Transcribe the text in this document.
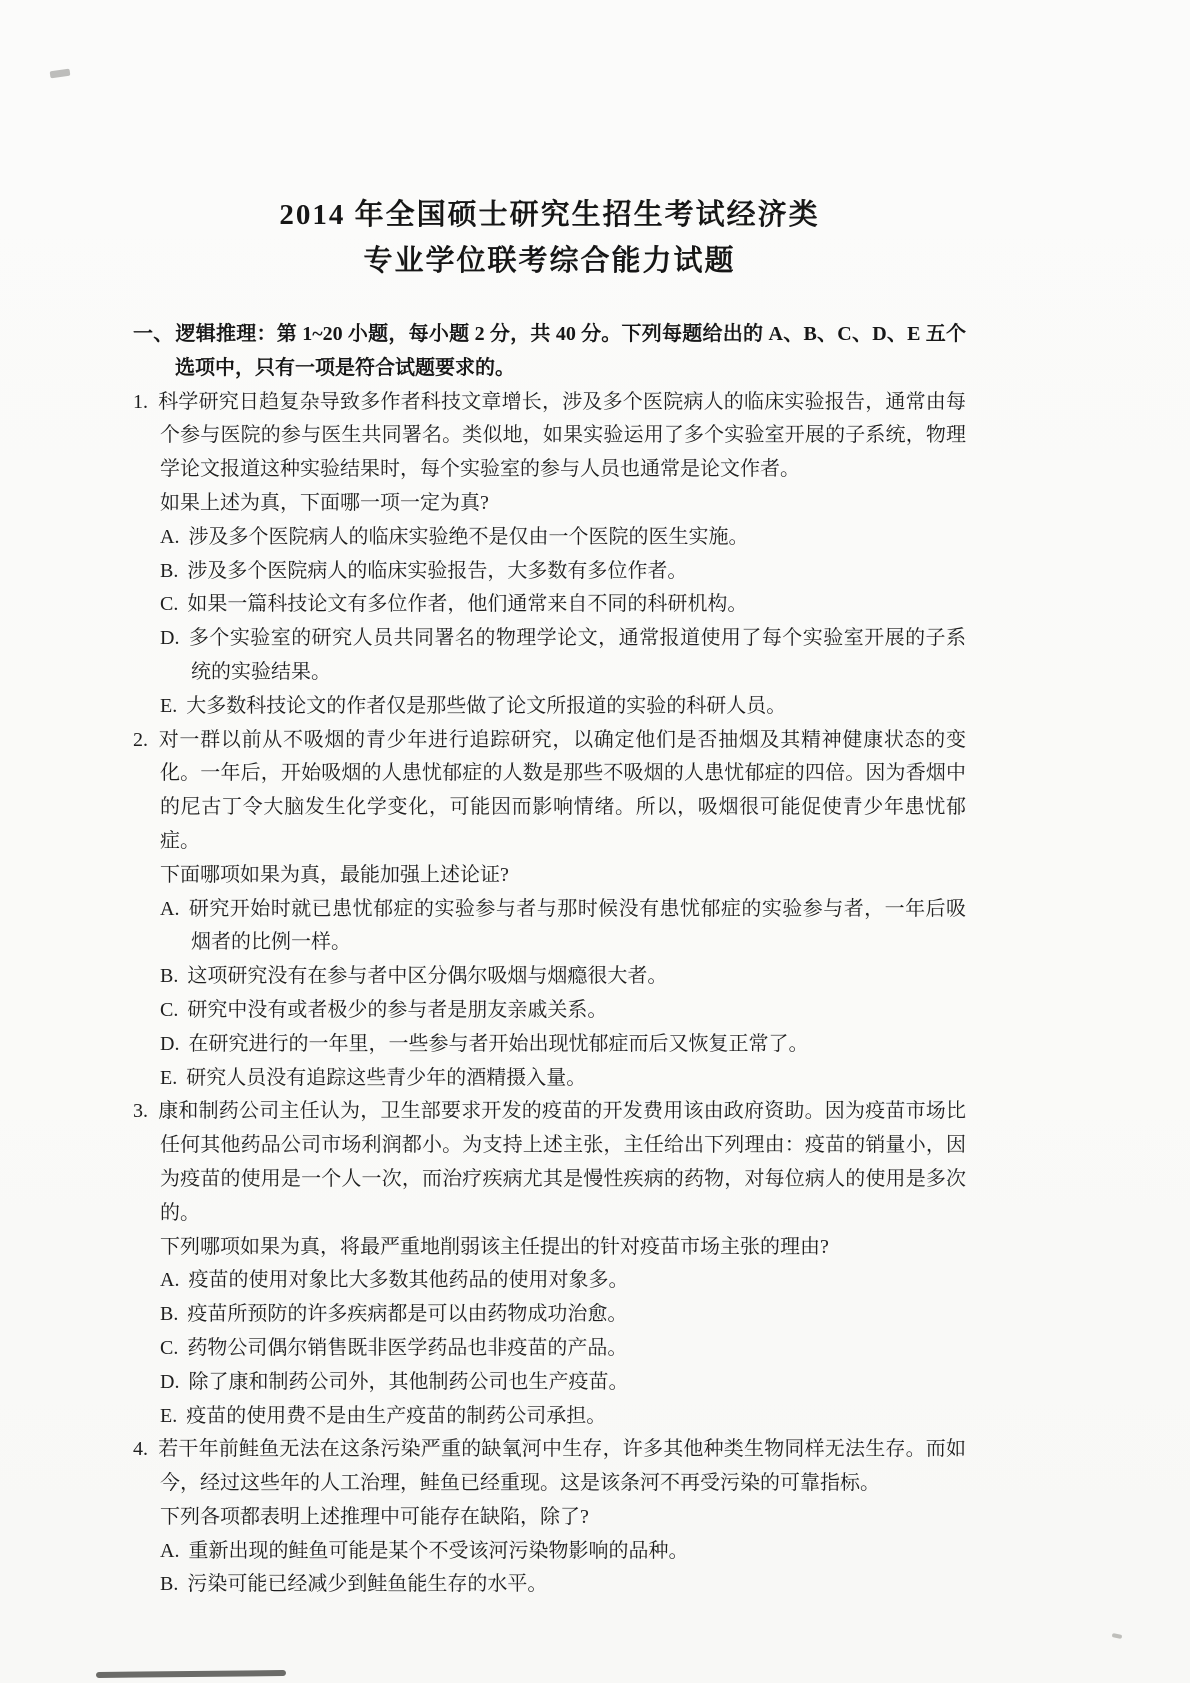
2014 年全国硕士研究生招生考试经济类
专业学位联考综合能力试题
一、 逻辑推理：第 1~20 小题，每小题 2 分，共 40 分。下列每题给出的 A、B、C、D、E 五个选项中，只有一项是符合试题要求的。
1. 科学研究日趋复杂导致多作者科技文章增长，涉及多个医院病人的临床实验报告，通常由每个参与医院的参与医生共同署名。类似地，如果实验运用了多个实验室开展的子系统，物理学论文报道这种实验结果时，每个实验室的参与人员也通常是论文作者。
如果上述为真，下面哪一项一定为真?
A. 涉及多个医院病人的临床实验绝不是仅由一个医院的医生实施。
B. 涉及多个医院病人的临床实验报告，大多数有多位作者。
C. 如果一篇科技论文有多位作者，他们通常来自不同的科研机构。
D. 多个实验室的研究人员共同署名的物理学论文，通常报道使用了每个实验室开展的子系统的实验结果。
E. 大多数科技论文的作者仅是那些做了论文所报道的实验的科研人员。
2. 对一群以前从不吸烟的青少年进行追踪研究，以确定他们是否抽烟及其精神健康状态的变化。一年后，开始吸烟的人患忧郁症的人数是那些不吸烟的人患忧郁症的四倍。因为香烟中的尼古丁令大脑发生化学变化，可能因而影响情绪。所以，吸烟很可能促使青少年患忧郁症。
下面哪项如果为真，最能加强上述论证?
A. 研究开始时就已患忧郁症的实验参与者与那时候没有患忧郁症的实验参与者，一年后吸烟者的比例一样。
B. 这项研究没有在参与者中区分偶尔吸烟与烟瘾很大者。
C. 研究中没有或者极少的参与者是朋友亲戚关系。
D. 在研究进行的一年里，一些参与者开始出现忧郁症而后又恢复正常了。
E. 研究人员没有追踪这些青少年的酒精摄入量。
3. 康和制药公司主任认为，卫生部要求开发的疫苗的开发费用该由政府资助。因为疫苗市场比任何其他药品公司市场利润都小。为支持上述主张，主任给出下列理由：疫苗的销量小，因为疫苗的使用是一个人一次，而治疗疾病尤其是慢性疾病的药物，对每位病人的使用是多次的。
下列哪项如果为真，将最严重地削弱该主任提出的针对疫苗市场主张的理由?
A. 疫苗的使用对象比大多数其他药品的使用对象多。
B. 疫苗所预防的许多疾病都是可以由药物成功治愈。
C. 药物公司偶尔销售既非医学药品也非疫苗的产品。
D. 除了康和制药公司外，其他制药公司也生产疫苗。
E. 疫苗的使用费不是由生产疫苗的制药公司承担。
4. 若干年前鲑鱼无法在这条污染严重的缺氧河中生存，许多其他种类生物同样无法生存。而如今，经过这些年的人工治理，鲑鱼已经重现。这是该条河不再受污染的可靠指标。
下列各项都表明上述推理中可能存在缺陷，除了?
A. 重新出现的鲑鱼可能是某个不受该河污染物影响的品种。
B. 污染可能已经减少到鲑鱼能生存的水平。
